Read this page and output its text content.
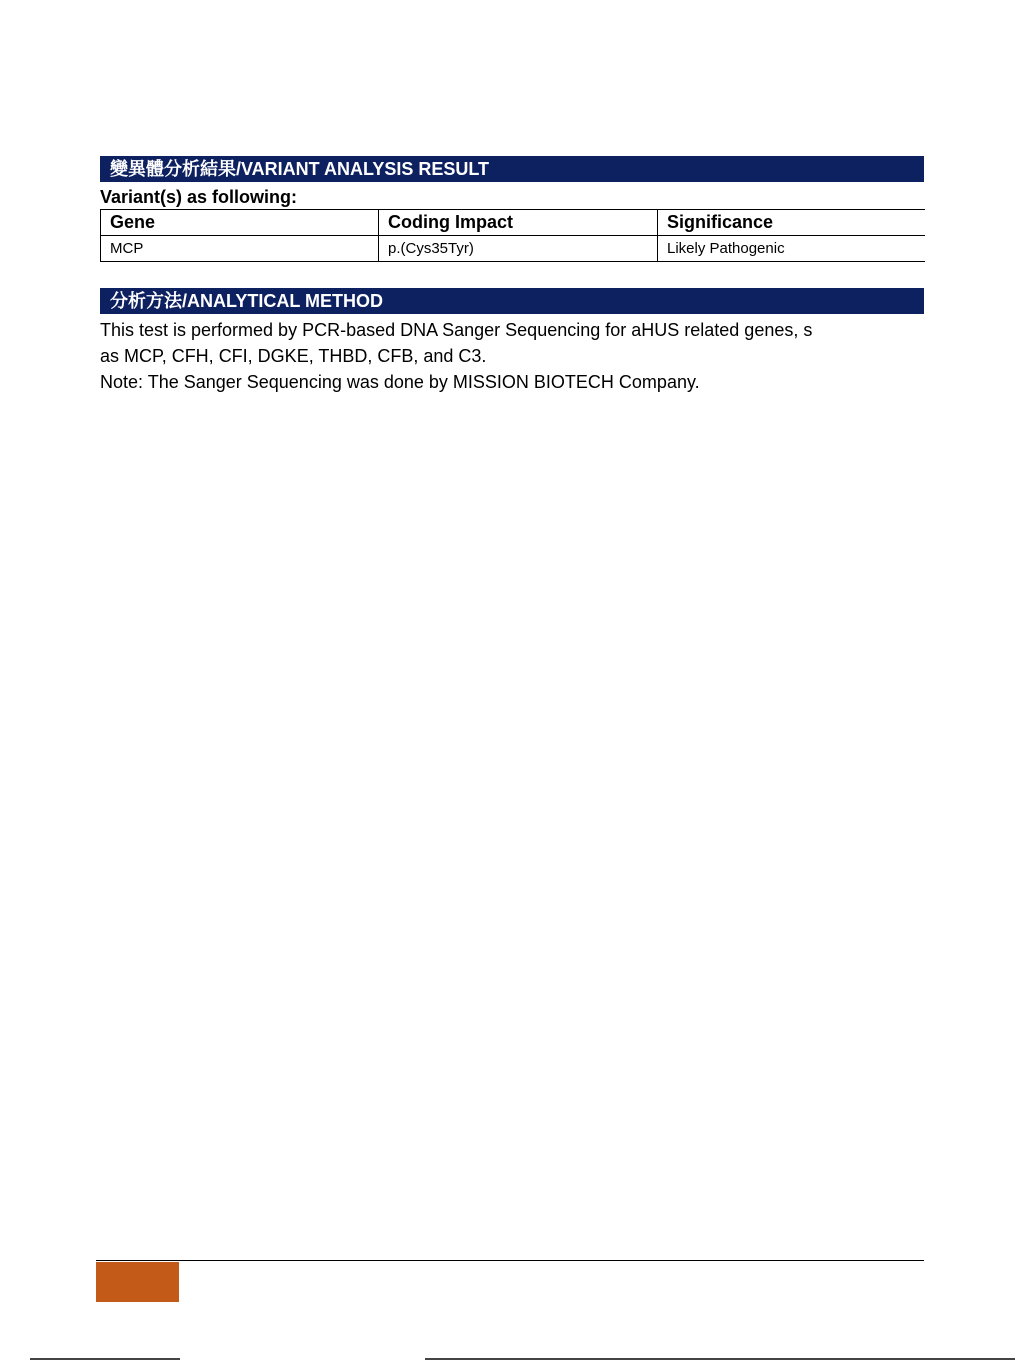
變異體分析結果/VARIANT ANALYSIS RESULT
Variant(s) as following:
Gene	Coding Impact	Significance
MCP	p.(Cys35Tyr)	Likely Pathogenic
分析方法/ANALYTICAL METHOD
This test is performed by PCR-based DNA Sanger Sequencing for aHUS related genes, s
as MCP, CFH, CFI, DGKE, THBD, CFB, and C3.
Note: The Sanger Sequencing was done by MISSION BIOTECH Company.
